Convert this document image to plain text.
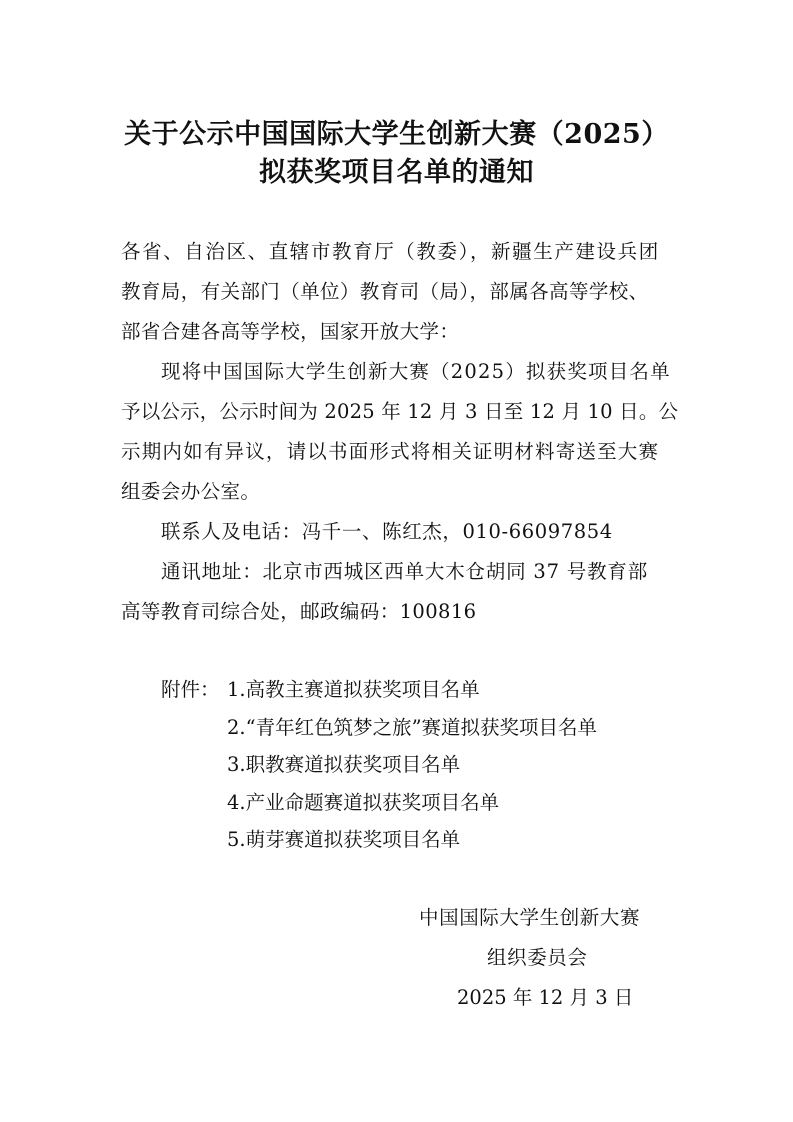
关于公示中国国际大学生创新大赛（2025）
拟获奖项目名单的通知
各省、自治区、直辖市教育厅（教委），新疆生产建设兵团
教育局，有关部门（单位）教育司（局），部属各高等学校、
部省合建各高等学校，国家开放大学：
现将中国国际大学生创新大赛（2025）拟获奖项目名单
予以公示，公示时间为 2025 年 12 月 3 日至 12 月 10 日。公
示期内如有异议，请以书面形式将相关证明材料寄送至大赛
组委会办公室。
联系人及电话：冯千一、陈红杰，010-66097854
通讯地址：北京市西城区西单大木仓胡同 37 号教育部
高等教育司综合处，邮政编码：100816
附件： 1.高教主赛道拟获奖项目名单
2.“青年红色筑梦之旅”赛道拟获奖项目名单
3.职教赛道拟获奖项目名单
4.产业命题赛道拟获奖项目名单
5.萌芽赛道拟获奖项目名单
中国国际大学生创新大赛
组织委员会
2025 年 12 月 3 日
